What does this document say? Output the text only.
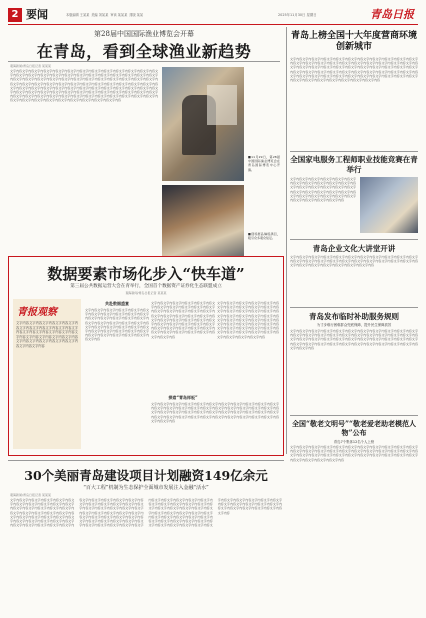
2 要闻	本版编辑 王某某 美编 刘某某 审读 某某某 排版 某某	2025年11月30日 星期日	青岛日报
第28届中国国际渔业博览会开幕
在青岛，看到全球渔业新趋势
观海新闻/青岛日报记者 某某某
文字内容文字内容文字内容文字内容文字内容文字内容文字内容文字内容文字内容文字内容文字内容文字内容文字内容文字内容文字内容文字内容文字内容文字内容文字内容文字内容文字内容文字内容文字内容文字内容文字内容文字内容文字内容文字内容文字内容文字内容文字内容文字内容文字内容文字内容文字内容文字内容文字内容文字内容文字内容文字内容文字内容文字内容文字内容文字内容文字内容文字内容文字内容文字内容文字内容文字内容文字内容文字内容文字内容文字内容文字内容文字内容文字内容文字内容文字内容文字内容文字内容文字内容文字内容文字内容文字内容文字内容文字内容文字内容文字内容文字内容文字内容文字内容文字内容文字内容文字内容文字内容文字内容文字内容文字内容文字内容文字内容文字内容文字内容文字内容文字内容文字内容文字内容文字内容文字内容文字内容文字内容文字内容文字内容文字内容文字内容
■11月29日，第28届中国国际渔业博览会在青岛国际博览中心开幕。
■现场展品琳琅满目，吸引众多观众驻足。
青岛上榜全国十大年度营商环境创新城市
文字内容文字内容文字内容文字内容文字内容文字内容文字内容文字内容文字内容文字内容文字内容文字内容文字内容文字内容文字内容文字内容文字内容文字内容文字内容文字内容文字内容文字内容文字内容文字内容文字内容文字内容文字内容文字内容文字内容文字内容文字内容文字内容文字内容文字内容文字内容文字内容文字内容文字内容文字内容文字内容文字内容文字内容文字内容文字内容文字内容文字内容文字内容文字内容文字内容文字内容文字内容文字内容文字内容文字内容文字内容文字内容文字内容文字内容文字内容文字内容
全国家电服务工程师职业技能竞赛在青举行
文字内容文字内容文字内容文字内容文字内容文字内容文字内容文字内容文字内容文字内容文字内容文字内容文字内容文字内容文字内容文字内容文字内容文字内容文字内容文字内容文字内容文字内容文字内容文字内容文字内容文字内容文字内容文字内容文字内容文字内容文字内容文字内容
青岛企业文化大讲堂开讲
文字内容文字内容文字内容文字内容文字内容文字内容文字内容文字内容文字内容文字内容文字内容文字内容文字内容文字内容文字内容文字内容文字内容文字内容文字内容文字内容文字内容文字内容文字内容文字内容文字内容文字内容文字内容文字内容
青岛发布临时补助服务规则
为寸步难行困难群众兜底保障，提升民生保障质效
文字内容文字内容文字内容文字内容文字内容文字内容文字内容文字内容文字内容文字内容文字内容文字内容文字内容文字内容文字内容文字内容文字内容文字内容文字内容文字内容文字内容文字内容文字内容文字内容文字内容文字内容文字内容文字内容文字内容文字内容文字内容文字内容文字内容文字内容文字内容文字内容文字内容文字内容文字内容文字内容文字内容文字内容文字内容文字内容
全国“敬老文明号”“敬老爱老助老模范人物”公布
青岛7个集体12名个人上榜
文字内容文字内容文字内容文字内容文字内容文字内容文字内容文字内容文字内容文字内容文字内容文字内容文字内容文字内容文字内容文字内容文字内容文字内容文字内容文字内容文字内容文字内容文字内容文字内容文字内容文字内容文字内容文字内容文字内容文字内容文字内容文字内容文字内容文字内容文字内容文字内容
数据要素市场化步入“快车道”
第三届公共数据运营大会在青举行，全国首个数据资产证券化生态联盟成立
观海新闻/青岛日报记者 某某某
青报观察
文字内容文字内容文字内容文字内容文字内容文字内容文字内容文字内容文字内容文字内容文字内容文字内容文字内容文字内容文字内容文字内容文字内容文字内容文字内容文字内容文字内容文字内容文字内容文字内容文字内容文字内容
共赴数据盛宴
文字内容文字内容文字内容文字内容文字内容文字内容文字内容文字内容文字内容文字内容文字内容文字内容文字内容文字内容文字内容文字内容文字内容文字内容文字内容文字内容文字内容文字内容文字内容文字内容文字内容文字内容文字内容文字内容文字内容文字内容文字内容文字内容文字内容文字内容文字内容文字内容文字内容文字内容
文字内容文字内容文字内容文字内容文字内容文字内容文字内容文字内容文字内容文字内容文字内容文字内容文字内容文字内容文字内容文字内容文字内容文字内容文字内容文字内容文字内容文字内容文字内容文字内容文字内容文字内容文字内容文字内容文字内容文字内容文字内容文字内容文字内容文字内容文字内容文字内容文字内容文字内容文字内容文字内容文字内容文字内容文字内容文字内容
探索“青岛样板”
文字内容文字内容文字内容文字内容文字内容文字内容文字内容文字内容文字内容文字内容文字内容文字内容文字内容文字内容文字内容文字内容文字内容文字内容文字内容文字内容文字内容文字内容文字内容文字内容文字内容文字内容文字内容文字内容文字内容文字内容文字内容文字内容文字内容文字内容文字内容文字内容文字内容文字内容文字内容文字内容文字内容文字内容文字内容文字内容
文字内容文字内容文字内容文字内容文字内容文字内容文字内容文字内容文字内容文字内容文字内容文字内容文字内容文字内容文字内容文字内容文字内容文字内容文字内容文字内容文字内容文字内容文字内容文字内容文字内容文字内容文字内容文字内容文字内容文字内容文字内容文字内容文字内容文字内容文字内容文字内容文字内容文字内容文字内容文字内容文字内容文字内容文字内容文字内容
30个美丽青岛建设项目计划融资149亿余元
“百大工程”机制为生态保护全面城市发展注入金融“活水”
观海新闻/青岛日报记者 某某某
文字内容文字内容文字内容文字内容文字内容文字内容文字内容文字内容文字内容文字内容文字内容文字内容文字内容文字内容文字内容文字内容文字内容文字内容文字内容文字内容文字内容文字内容文字内容文字内容文字内容文字内容文字内容文字内容文字内容文字内容文字内容文字内容文字内容文字内容文字内容文字内容文字内容文字内容文字内容文字内容文字内容文字内容文字内容文字内容文字内容文字内容文字内容文字内容文字内容文字内容文字内容文字内容文字内容文字内容文字内容文字内容文字内容文字内容文字内容文字内容文字内容文字内容文字内容文字内容文字内容文字内容文字内容文字内容文字内容文字内容文字内容文字内容文字内容文字内容文字内容文字内容文字内容文字内容文字内容文字内容文字内容文字内容文字内容文字内容文字内容文字内容文字内容文字内容文字内容文字内容文字内容文字内容文字内容文字内容文字内容文字内容文字内容文字内容文字内容文字内容文字内容文字内容文字内容文字内容文字内容文字内容文字内容文字内容文字内容文字内容文字内容文字内容文字内容文字内容文字内容文字内容文字内容文字内容文字内容文字内容文字内容文字内容文字内容文字内容文字内容文字内容文字内容
